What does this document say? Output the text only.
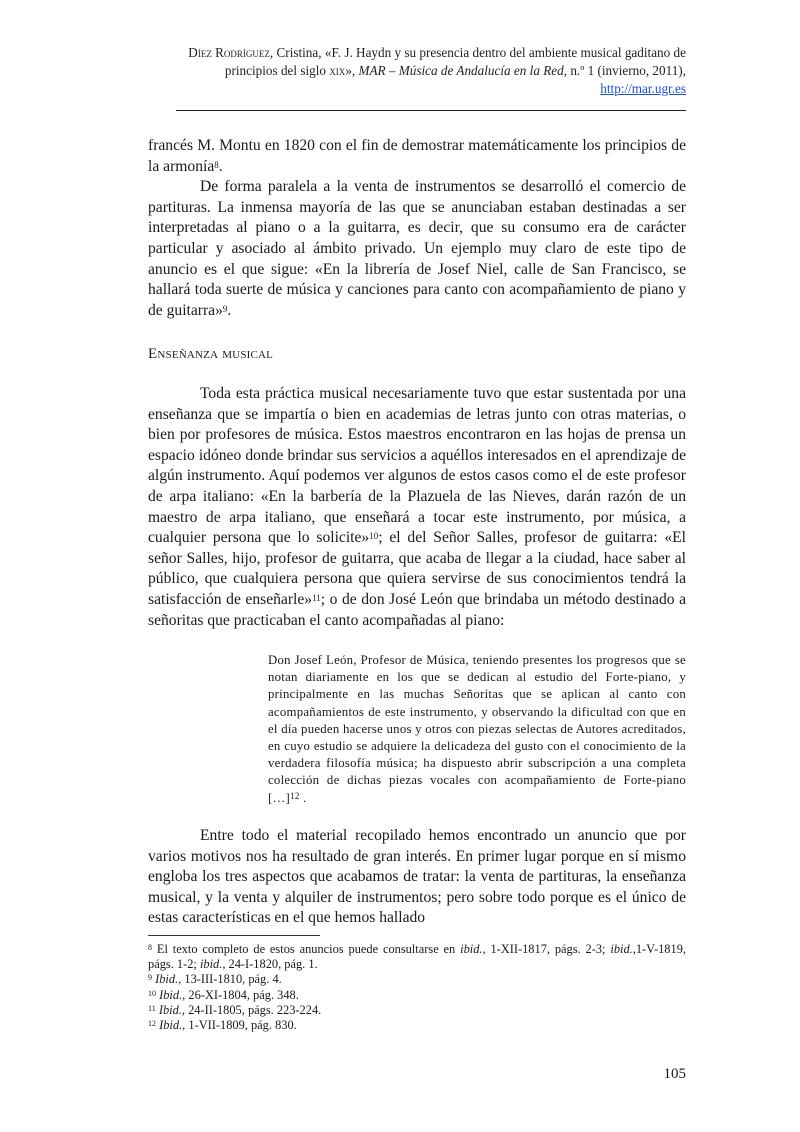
Díez Rodríguez, Cristina, «F. J. Haydn y su presencia dentro del ambiente musical gaditano de
principios del siglo xix», MAR – Música de Andalucía en la Red, n.º 1 (invierno, 2011),
http://mar.ugr.es

francés M. Montu en 1820 con el fin de demostrar matemáticamente los principios de la armonía$^8$.

De forma paralela a la venta de instrumentos se desarrolló el comercio de partituras. La inmensa mayoría de las que se anunciaban estaban destinadas a ser interpretadas al piano o a la guitarra, es decir, que su consumo era de carácter particular y asociado al ámbito privado. Un ejemplo muy claro de este tipo de anuncio es el que sigue: «En la librería de Josef Niel, calle de San Francisco, se hallará toda suerte de música y canciones para canto con acompañamiento de piano y de guitarra»$^9$.

Enseñanza musical

Toda esta práctica musical necesariamente tuvo que estar sustentada por una enseñanza que se impartía o bien en academias de letras junto con otras materias, o bien por profesores de música. Estos maestros encontraron en las hojas de prensa un espacio idóneo donde brindar sus servicios a aquéllos interesados en el aprendizaje de algún instrumento. Aquí podemos ver algunos de estos casos como el de este profesor de arpa italiano: «En la barbería de la Plazuela de las Nieves, darán razón de un maestro de arpa italiano, que enseñará a tocar este instrumento, por música, a cualquier persona que lo solicite»$^{10}$; el del Señor Salles, profesor de guitarra: «El señor Salles, hijo, profesor de guitarra, que acaba de llegar a la ciudad, hace saber al público, que cualquiera persona que quiera servirse de sus conocimientos tendrá la satisfacción de enseñarle»$^{11}$; o de don José León que brindaba un método destinado a señoritas que practicaban el canto acompañadas al piano:

Don Josef León, Profesor de Música, teniendo presentes los progresos que se notan diariamente en los que se dedican al estudio del Forte-piano, y principalmente en las muchas Señoritas que se aplican al canto con acompañamientos de este instrumento, y observando la dificultad con que en el día pueden hacerse unos y otros con piezas selectas de Autores acreditados, en cuyo estudio se adquiere la delicadeza del gusto con el conocimiento de la verdadera filosofía música; ha dispuesto abrir subscripción a una completa colección de dichas piezas vocales con acompañamiento de Forte-piano […]$^{12}$ .

Entre todo el material recopilado hemos encontrado un anuncio que por varios motivos nos ha resultado de gran interés. En primer lugar porque en sí mismo engloba los tres aspectos que acabamos de tratar: la venta de partituras, la enseñanza musical, y la venta y alquiler de instrumentos; pero sobre todo porque es el único de estas características en el que hemos hallado

$^8$ El texto completo de estos anuncios puede consultarse en ibid., 1-XII-1817, págs. 2-3; ibid.,1-V-1819, págs. 1-2; ibid., 24-I-1820, pág. 1.
$^9$ Ibid., 13-III-1810, pág. 4.
$^{10}$ Ibid., 26-XI-1804, pág. 348.
$^{11}$ Ibid., 24-II-1805, págs. 223-224.
$^{12}$ Ibid., 1-VII-1809, pág. 830.
105
